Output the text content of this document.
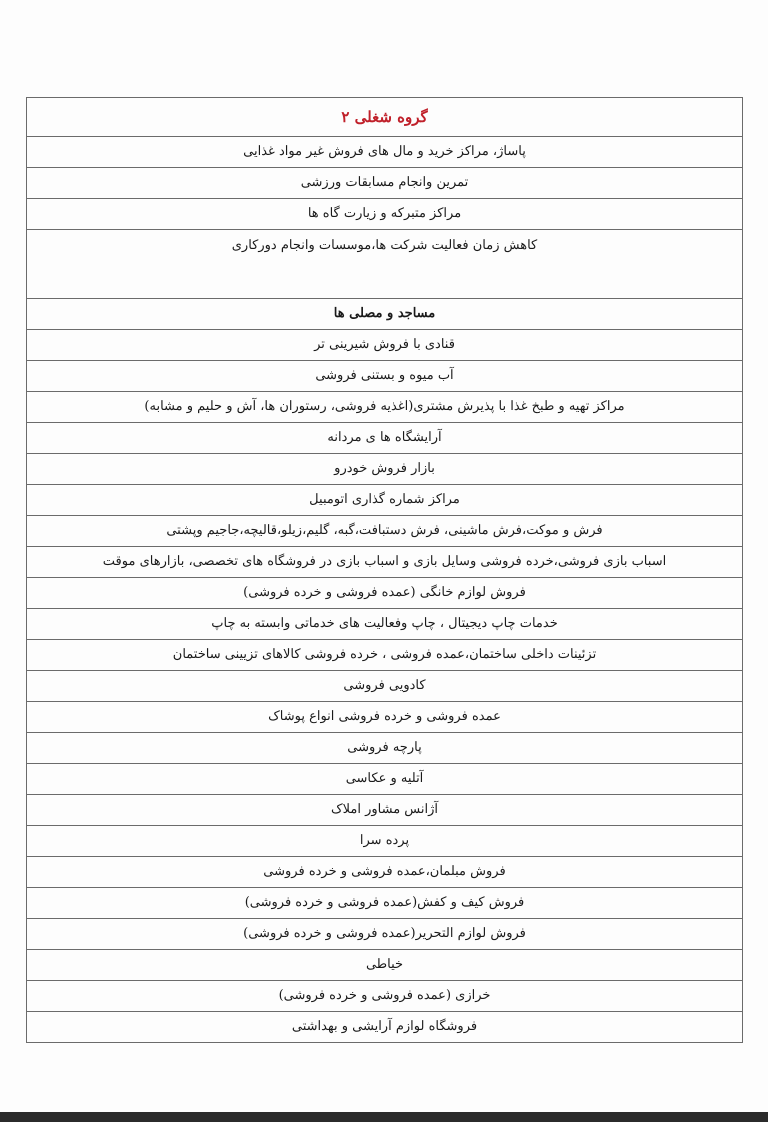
گروه شغلی ۲
پاساژ، مراکز خرید و مال های فروش غیر مواد غذایی
تمرین وانجام مسابقات ورزشی
مراکز متبرکه و زیارت گاه ها
کاهش زمان فعالیت شرکت ها،موسسات وانجام دورکاری
مساجد و مصلی ها
قنادی با فروش شیرینی تر
آب میوه و بستنی فروشی
مراکز تهیه و طبخ غذا با پذیرش مشتری(اغذیه فروشی، رستوران ها، آش و حلیم و مشابه)
آرایشگاه ها ی مردانه
بازار فروش خودرو
مراکز شماره گذاری اتومبیل
فرش و موکت،فرش ماشینی، فرش دستبافت،گبه، گلیم،زیلو،قالیچه،جاجیم وپشتی
اسباب بازی فروشی،خرده فروشی وسایل بازی و اسباب بازی در فروشگاه های تخصصی، بازارهای موقت
فروش لوازم خانگی (عمده فروشی و خرده فروشی)
خدمات چاپ دیجیتال ، چاپ وفعالیت های خدماتی وابسته به چاپ
تزئینات داخلی ساختمان،عمده فروشی ، خرده فروشی کالاهای تزیینی ساختمان
کادویی فروشی
عمده فروشی و خرده فروشی انواع پوشاک
پارچه فروشی
آتلیه و عکاسی
آژانس مشاور املاک
پرده سرا
فروش مبلمان،عمده فروشی و خرده فروشی
فروش کیف و کفش(عمده فروشی و خرده فروشی)
فروش لوازم التحریر(عمده فروشی و خرده فروشی)
خیاطی
خرازی (عمده فروشی و خرده فروشی)
فروشگاه لوازم آرایشی و بهداشتی
